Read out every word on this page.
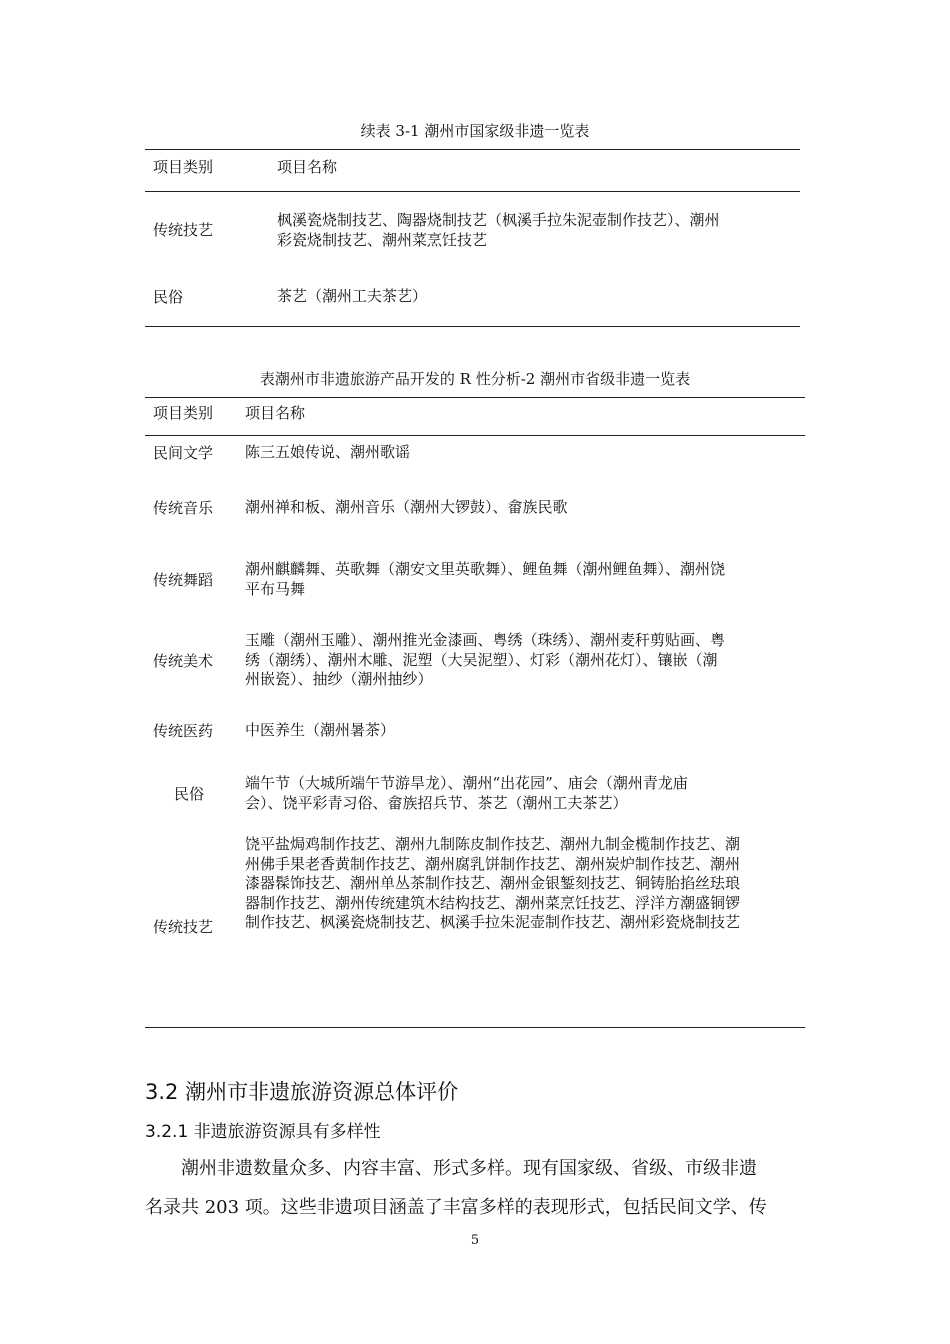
续表 3-1 潮州市国家级非遗一览表
项目类别	项目名称
传统技艺
枫溪瓷烧制技艺、陶器烧制技艺（枫溪手拉朱泥壶制作技艺）、潮州
彩瓷烧制技艺、潮州菜烹饪技艺
民俗	茶艺（潮州工夫茶艺）
表潮州市非遗旅游产品开发的 R 性分析-2 潮州市省级非遗一览表
项目类别 项目名称
民间文学 陈三五娘传说、潮州歌谣
传统音乐 潮州禅和板、潮州音乐（潮州大锣鼓）、畲族民歌
传统舞蹈
潮州麒麟舞、英歌舞（潮安文里英歌舞）、鲤鱼舞（潮州鲤鱼舞）、潮州饶
平布马舞
传统美术
玉雕（潮州玉雕）、潮州推光金漆画、粤绣（珠绣）、潮州麦秆剪贴画、粤
绣（潮绣）、潮州木雕、泥塑（大吴泥塑）、灯彩（潮州花灯）、镶嵌（潮
州嵌瓷）、抽纱（潮州抽纱）
传统医药 中医养生（潮州暑茶）
民俗
端午节（大城所端午节游旱龙）、潮州“出花园”、庙会（潮州青龙庙
会）、饶平彩青习俗、畲族招兵节、茶艺（潮州工夫茶艺）
传统技艺
饶平盐焗鸡制作技艺、潮州九制陈皮制作技艺、潮州九制金榄制作技艺、潮
州佛手果老香黄制作技艺、潮州腐乳饼制作技艺、潮州炭炉制作技艺、潮州
漆器髹饰技艺、潮州单丛茶制作技艺、潮州金银錾刻技艺、铜铸胎掐丝珐琅
器制作技艺、潮州传统建筑木结构技艺、潮州菜烹饪技艺、浮洋方潮盛铜锣
制作技艺、枫溪瓷烧制技艺、枫溪手拉朱泥壶制作技艺、潮州彩瓷烧制技艺
3.2 潮州市非遗旅游资源总体评价
3.2.1 非遗旅游资源具有多样性
潮州非遗数量众多、内容丰富、形式多样。现有国家级、省级、市级非遗
名录共 203 项。这些非遗项目涵盖了丰富多样的表现形式，包括民间文学、传
5
